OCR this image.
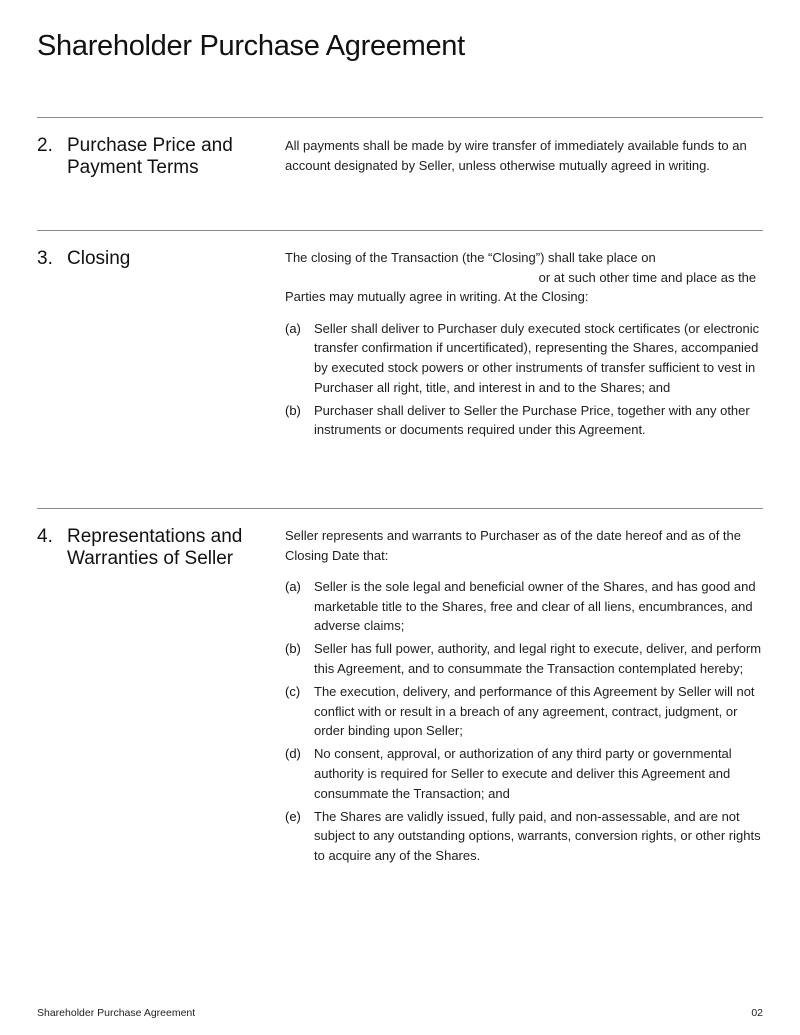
Shareholder Purchase Agreement
2. Purchase Price and Payment Terms

All payments shall be made by wire transfer of immediately available funds to an account designated by Seller, unless otherwise mutually agreed in writing.

3. Closing	The closing of the Transaction (the “Closing”) shall take place on  or at such other time and place as the Parties may mutually agree in writing. At the Closing:

(a)	Seller shall deliver to Purchaser duly executed stock certificates (or electronic transfer confirmation if uncertificated), representing the Shares, accompanied by executed stock powers or other instruments of transfer sufficient to vest in Purchaser all right, title, and interest in and to the Shares; and
(b)	Purchaser shall deliver to Seller the Purchase Price, together with any other instruments or documents required under this Agreement.
4. Representations and Warranties of Seller

Seller represents and warrants to Purchaser as of the date hereof and as of the Closing Date that:

(a)	Seller is the sole legal and beneficial owner of the Shares, and has good and marketable title to the Shares, free and clear of all liens, encumbrances, and adverse claims;
(b)	Seller has full power, authority, and legal right to execute, deliver, and perform this Agreement, and to consummate the Transaction contemplated hereby;
(c)	The execution, delivery, and performance of this Agreement by Seller will not conflict with or result in a breach of any agreement, contract, judgment, or order binding upon Seller;
(d)	No consent, approval, or authorization of any third party or governmental authority is required for Seller to execute and deliver this Agreement and consummate the Transaction; and
(e)	The Shares are validly issued, fully paid, and non-assessable, and are not subject to any outstanding options, warrants, conversion rights, or other rights to acquire any of the Shares.
Shareholder Purchase Agreement	02
